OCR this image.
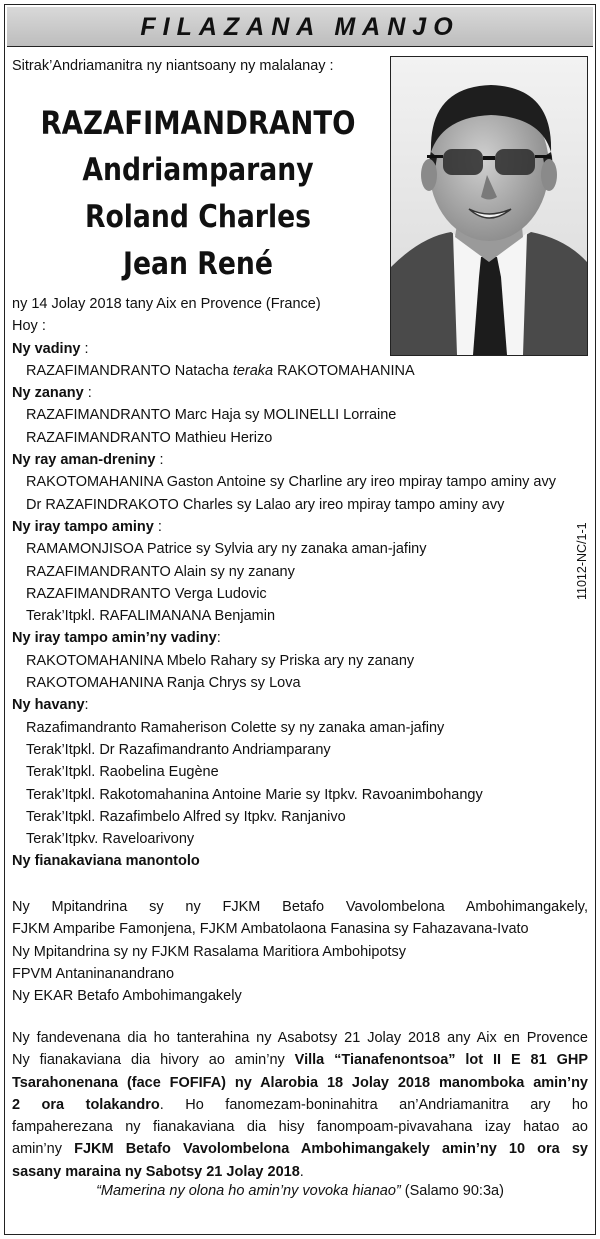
FILAZANA MANJO
Sitrak’Andriamanitra ny niantsoany ny malalanay :
RAZAFIMANDRANTO
Andriamparany
Roland Charles
Jean René
ny 14 Jolay 2018 tany Aix en Provence (France)
Hoy :
Ny vadiny :
RAZAFIMANDRANTO Natacha teraka RAKOTOMAHANINA
Ny zanany :
RAZAFIMANDRANTO Marc Haja sy MOLINELLI Lorraine
RAZAFIMANDRANTO Mathieu Herizo
Ny ray aman-dreniny :
RAKOTOMAHANINA Gaston Antoine sy Charline ary ireo mpiray tampo aminy avy
Dr RAZAFINDRAKOTO Charles sy Lalao ary ireo mpiray tampo aminy avy
Ny iray tampo aminy :
RAMAMONJISOA Patrice sy Sylvia ary ny zanaka aman-jafiny
RAZAFIMANDRANTO Alain sy ny zanany
RAZAFIMANDRANTO Verga Ludovic
Terak’Itpkl. RAFALIMANANA Benjamin
Ny iray tampo amin’ny vadiny:
RAKOTOMAHANINA Mbelo Rahary sy Priska ary ny zanany
RAKOTOMAHANINA Ranja Chrys sy Lova
Ny havany:
Razafimandranto Ramaherison Colette sy ny zanaka aman-jafiny
Terak’Itpkl. Dr Razafimandranto Andriamparany
Terak’Itpkl. Raobelina Eugène
Terak’Itpkl. Rakotomahanina Antoine Marie sy Itpkv. Ravoanimbohangy
Terak’Itpkl. Razafimbelo Alfred sy Itpkv. Ranjanivo
Terak’Itpkv. Raveloarivony
Ny fianakaviana manontolo
11012-NC/1-1
Ny Mpitandrina sy ny FJKM Betafo Vavolombelona Ambohimangakely,
FJKM Amparibe Famonjena, FJKM Ambatolaona Fanasina sy Fahazavana-Ivato
Ny Mpitandrina sy ny FJKM Rasalama Maritiora Ambohipotsy
FPVM Antaninanandrano
Ny EKAR Betafo Ambohimangakely
Ny fandevenana dia ho tanterahina ny Asabotsy 21 Jolay 2018 any Aix en Provence
Ny fianakaviana dia hivory ao amin’ny Villa “Tianafenontsoa” lot II E 81 GHP
Tsarahonenana (face FOFIFA) ny Alarobia 18 Jolay 2018 manomboka amin’ny
2 ora tolakandro. Ho fanomezam-boninahitra an’Andriamanitra ary ho
fampaherezana ny fianakaviana dia hisy fanompoam-pivavahana izay hatao ao
amin’ny FJKM Betafo Vavolombelona Ambohimangakely amin’ny 10 ora sy
sasany maraina ny Sabotsy 21 Jolay 2018.
“Mamerina ny olona ho amin’ny vovoka hianao” (Salamo 90:3a)
